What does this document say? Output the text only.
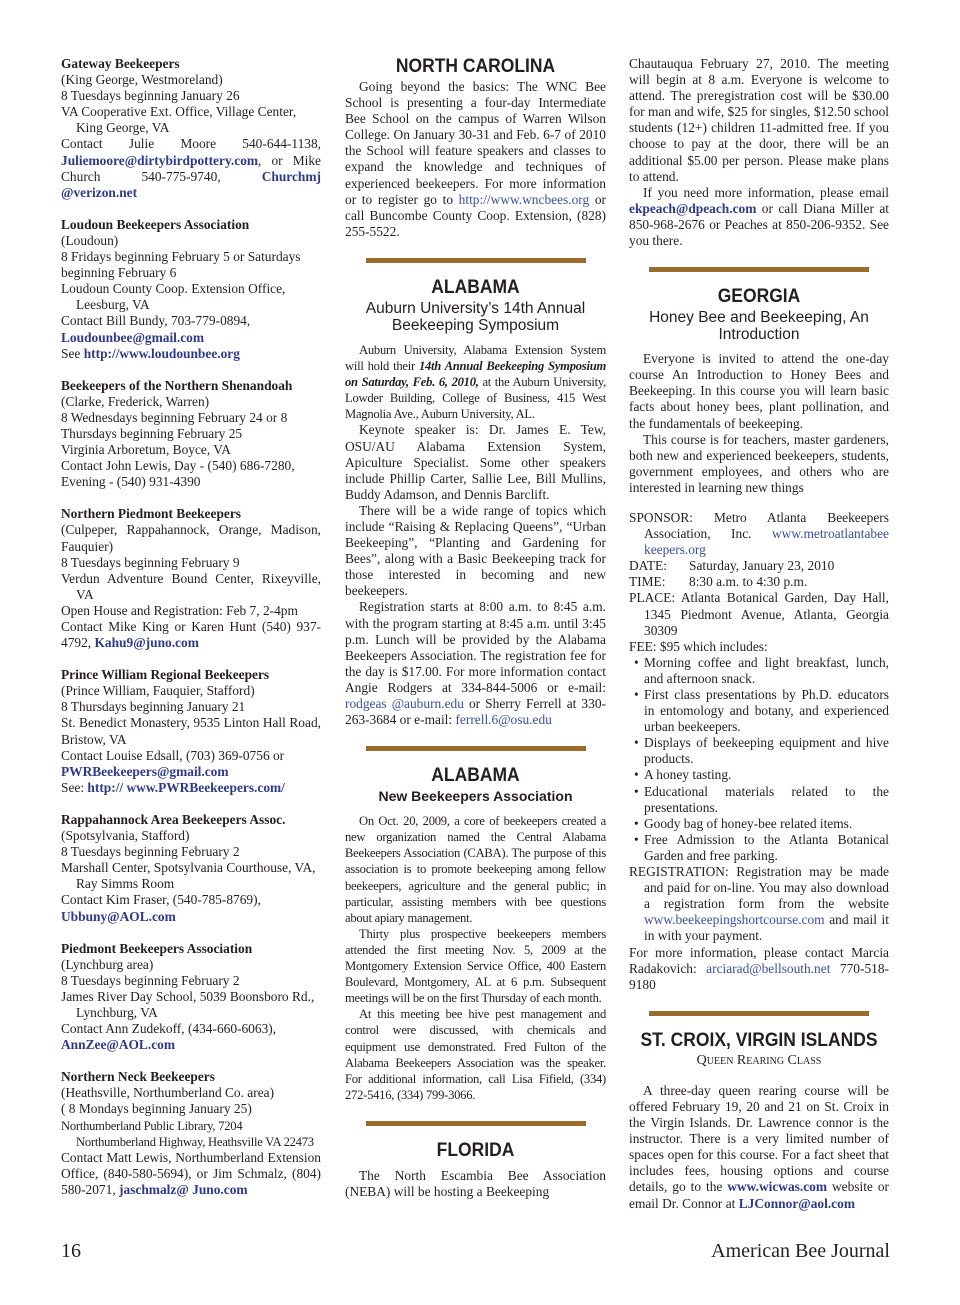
Gateway Beekeepers

(King George, Westmoreland)

8 Tuesdays beginning January 26

VA Cooperative Ext. Office, Village Center, King George, VA

Contact Julie Moore 540-644-1138, Juliemoore@dirtybirdpottery.com, or Mike Church 540-775-9740,	Churchmj @verizon.net

Loudoun Beekeepers Association

(Loudoun)

8 Fridays beginning February 5 or Saturdays beginning February 6

Loudoun County Coop. Extension Office, Leesburg, VA

Contact Bill Bundy, 703-779-0894,

Loudounbee@gmail.com

See http://www.loudounbee.org

Beekeepers of the Northern Shenandoah

(Clarke, Frederick, Warren)

8 Wednesdays beginning February 24 or 8 Thursdays beginning February 25

Virginia Arboretum, Boyce, VA

Contact John Lewis, Day - (540) 686-7280, Evening - (540) 931-4390

Northern Piedmont Beekeepers

(Culpeper, Rappahannock, Orange, Madison, Fauquier)

8 Tuesdays beginning February 9

Verdun Adventure Bound Center, Rixeyville, VA

Open House and Registration: Feb 7, 2-4pm

Contact Mike King or Karen Hunt (540) 937-4792, Kahu9@juno.com

Prince William Regional Beekeepers

(Prince William, Fauquier, Stafford)

8 Thursdays beginning January 21

St. Benedict Monastery, 9535 Linton Hall Road, Bristow, VA

Contact Louise Edsall, (703) 369-0756 or

PWRBeekeepers@gmail.com

See: http:// www.PWRBeekeepers.com/

Rappahannock Area Beekeepers Assoc.

(Spotsylvania, Stafford)

8 Tuesdays beginning February 2

Marshall Center, Spotsylvania Courthouse, VA, Ray Simms Room

Contact Kim Fraser, (540-785-8769),

Ubbuny@AOL.com

Piedmont Beekeepers Association

(Lynchburg area)

8 Tuesdays beginning February 2

James River Day School, 5039 Boonsboro Rd., Lynchburg, VA

Contact Ann Zudekoff, (434-660-6063),

AnnZee@AOL.com

Northern Neck Beekeepers

(Heathsville, Northumberland Co. area)

( 8 Mondays beginning January 25)

Northumberland Public Library, 7204 Northumberland Highway, Heathsville VA 22473

Contact Matt Lewis, Northumberland Extension Office, (840-580-5694), or Jim Schmalz, (804) 580-2071, jaschmalz@ Juno.com

NORTH CAROLINA

Going beyond the basics: The WNC Bee School is presenting a four-day Intermediate Bee School on the campus of Warren Wilson College. On January 30-31 and Feb. 6-7 of 2010 the School will feature speakers and classes to expand the knowledge and techniques of experienced beekeepers. For more information or to register go to http://www.wncbees.org or call Buncombe County Coop. Extension, (828) 255-5522.

ALABAMA

Auburn University’s 14th Annual Beekeeping Symposium

Auburn University, Alabama Extension System will hold their 14th Annual Beekeeping Symposium on Saturday, Feb. 6, 2010, at the Auburn University, Lowder Building, College of Business, 415 West Magnolia Ave., Auburn University, AL.

Keynote speaker is: Dr. James E. Tew, OSU/AU Alabama Extension System, Apiculture Specialist. Some other speakers include Phillip Carter, Sallie Lee, Bill Mullins, Buddy Adamson, and Dennis Barclift.

There will be a wide range of topics which include “Raising & Replacing Queens”, “Urban Beekeeping”, “Planting and Gardening for Bees”, along with a Basic Beekeeping track for those interested in becoming and new beekeepers.

Registration starts at 8:00 a.m. to 8:45 a.m. with the program starting at 8:45 a.m. until 3:45 p.m. Lunch will be provided by the Alabama Beekeepers Association. The registration fee for the day is $17.00. For more information contact Angie Rodgers at 334-844-5006 or e-mail: rodgeas @auburn.edu or Sherry Ferrell at 330-263-3684 or e-mail: ferrell.6@osu.edu

ALABAMA

New Beekeepers Association

On Oct. 20, 2009, a core of beekeepers created a new organization named the Central Alabama Beekeepers Association (CABA). The purpose of this association is to promote beekeeping among fellow beekeepers, agriculture and the general public; in particular, assisting members with bee questions about apiary management.

Thirty plus prospective beekeepers members attended the first meeting Nov. 5, 2009 at the Montgomery Extension Service Office, 400 Eastern Boulevard, Montgomery, AL at 6 p.m. Subsequent meetings will be on the first Thursday of each month.

At this meeting bee hive pest management and control were discussed, with chemicals and equipment use demonstrated. Fred Fulton of the Alabama Beekeepers Association was the speaker. For additional information, call Lisa Fifield, (334) 272-5416, (334) 799-3066.

FLORIDA

The North Escambia Bee Association (NEBA) will be hosting a Beekeeping

Chautauqua February 27, 2010. The meeting will begin at 8 a.m. Everyone is welcome to attend. The preregistration cost will be $30.00 for man and wife, $25 for singles, $12.50 school students (12+) children 11-admitted free. If you choose to pay at the door, there will be an additional $5.00 per person. Please make plans to attend.

If you need more information, please email ekpeach@dpeach.com or call Diana Miller at 850-968-2676 or Peaches at 850-206-9352. See you there.

GEORGIA

Honey Bee and Beekeeping, An Introduction

Everyone is invited to attend the one-day course An Introduction to Honey Bees and Beekeeping. In this course you will learn basic facts about honey bees, plant pollination, and the fundamentals of beekeeping.

This course is for teachers, master gardeners, both new and experienced beekeepers, students, government employees, and others who are interested in learning new things

SPONSOR: Metro Atlanta Beekeepers Association, Inc. www.metroatlantabee keepers.org

DATE: Saturday, January 23, 2010

TIME: 8:30 a.m. to 4:30 p.m.

PLACE: Atlanta Botanical Garden, Day Hall, 1345 Piedmont Avenue, Atlanta, Georgia 30309

FEE: $95 which includes:

• Morning coffee and light breakfast, lunch, and afternoon snack.
• First class presentations by Ph.D. educators in entomology and botany, and experienced urban beekeepers.
• Displays of beekeeping equipment and hive products.
• A honey tasting.
• Educational materials related to the presentations.
• Goody bag of honey-bee related items.
• Free Admission to the Atlanta Botanical Garden and free parking.

REGISTRATION: Registration may be made and paid for on-line. You may also download a registration form from the website www.beekeepingshortcourse.com and mail it in with your payment.

For more information, please contact Marcia Radakovich: arciarad@bellsouth.net 770-518-9180

ST. CROIX, VIRGIN ISLANDS

Queen Rearing Class

A three-day queen rearing course will be offered February 19, 20 and 21 on St. Croix in the Virgin Islands. Dr. Lawrence connor is the instructor. There is a very limited number of spaces open for this course. For a fact sheet that includes fees, housing options and course details, go to the www.wicwas.com website or email Dr. Connor at LJConnor@aol.com

16	American Bee Journal
